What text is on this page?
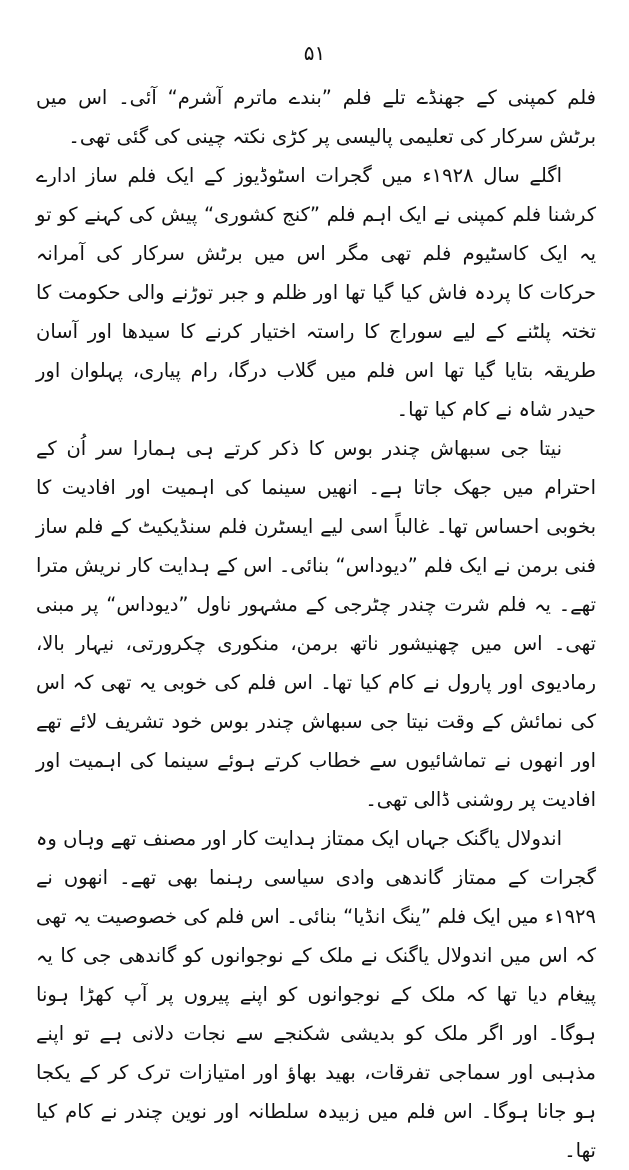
۵۱

فلم کمپنی کے جھنڈے تلے فلم ”بندے ماترم آشرم“ آئی۔ اس میں برٹش سرکار کی تعلیمی پالیسی پر کڑی نکتہ چینی کی گئی تھی۔

اگلے سال ۱۹۲۸ء میں گجرات اسٹوڈیوز کے ایک فلم ساز ادارے کرشنا فلم کمپنی نے ایک اہم فلم ”کنج کشوری“ پیش کی کہنے کو تو یہ ایک کاسٹیوم فلم تھی مگر اس میں برٹش سرکار کی آمرانہ حرکات کا پردہ فاش کیا گیا تھا اور ظلم و جبر توڑنے والی حکومت کا تختہ پلٹنے کے لیے سوراج کا راستہ اختیار کرنے کا سیدھا اور آسان طریقہ بتایا گیا تھا اس فلم میں گلاب درگا، رام پیاری، پہلوان اور حیدر شاہ نے کام کیا تھا۔

نیتا جی سبھاش چندر بوس کا ذکر کرتے ہی ہمارا سر اُن کے احترام میں جھک جاتا ہے۔ انھیں سینما کی اہمیت اور افادیت کا بخوبی احساس تھا۔ غالباً اسی لیے ایسٹرن فلم سنڈیکیٹ کے فلم ساز فنی برمن نے ایک فلم ”دیوداس“ بنائی۔ اس کے ہدایت کار نریش مترا تھے۔ یہ فلم شرت چندر چٹرجی کے مشہور ناول ”دیوداس“ پر مبنی تھی۔ اس میں چھنیشور ناتھ برمن، منکوری چکرورتی، نیہار بالا، رمادیوی اور پارول نے کام کیا تھا۔ اس فلم کی خوبی یہ تھی کہ اس کی نمائش کے وقت نیتا جی سبھاش چندر بوس خود تشریف لائے تھے اور انھوں نے تماشائیوں سے خطاب کرتے ہوئے سینما کی اہمیت اور افادیت پر روشنی ڈالی تھی۔

اندولال یاگنک جہاں ایک ممتاز ہدایت کار اور مصنف تھے وہاں وہ گجرات کے ممتاز گاندھی وادی سیاسی رہنما بھی تھے۔ انھوں نے ۱۹۲۹ء میں ایک فلم ”ینگ انڈیا“ بنائی۔ اس فلم کی خصوصیت یہ تھی کہ اس میں اندولال یاگنک نے ملک کے نوجوانوں کو گاندھی جی کا یہ پیغام دیا تھا کہ ملک کے نوجوانوں کو اپنے پیروں پر آپ کھڑا ہونا ہوگا۔ اور اگر ملک کو بدیشی شکنجے سے نجات دلانی ہے تو اپنے مذہبی اور سماجی تفرقات، بھید بھاؤ اور امتیازات ترک کر کے یکجا ہو جانا ہوگا۔ اس فلم میں زبیدہ سلطانہ اور نوین چندر نے کام کیا تھا۔
